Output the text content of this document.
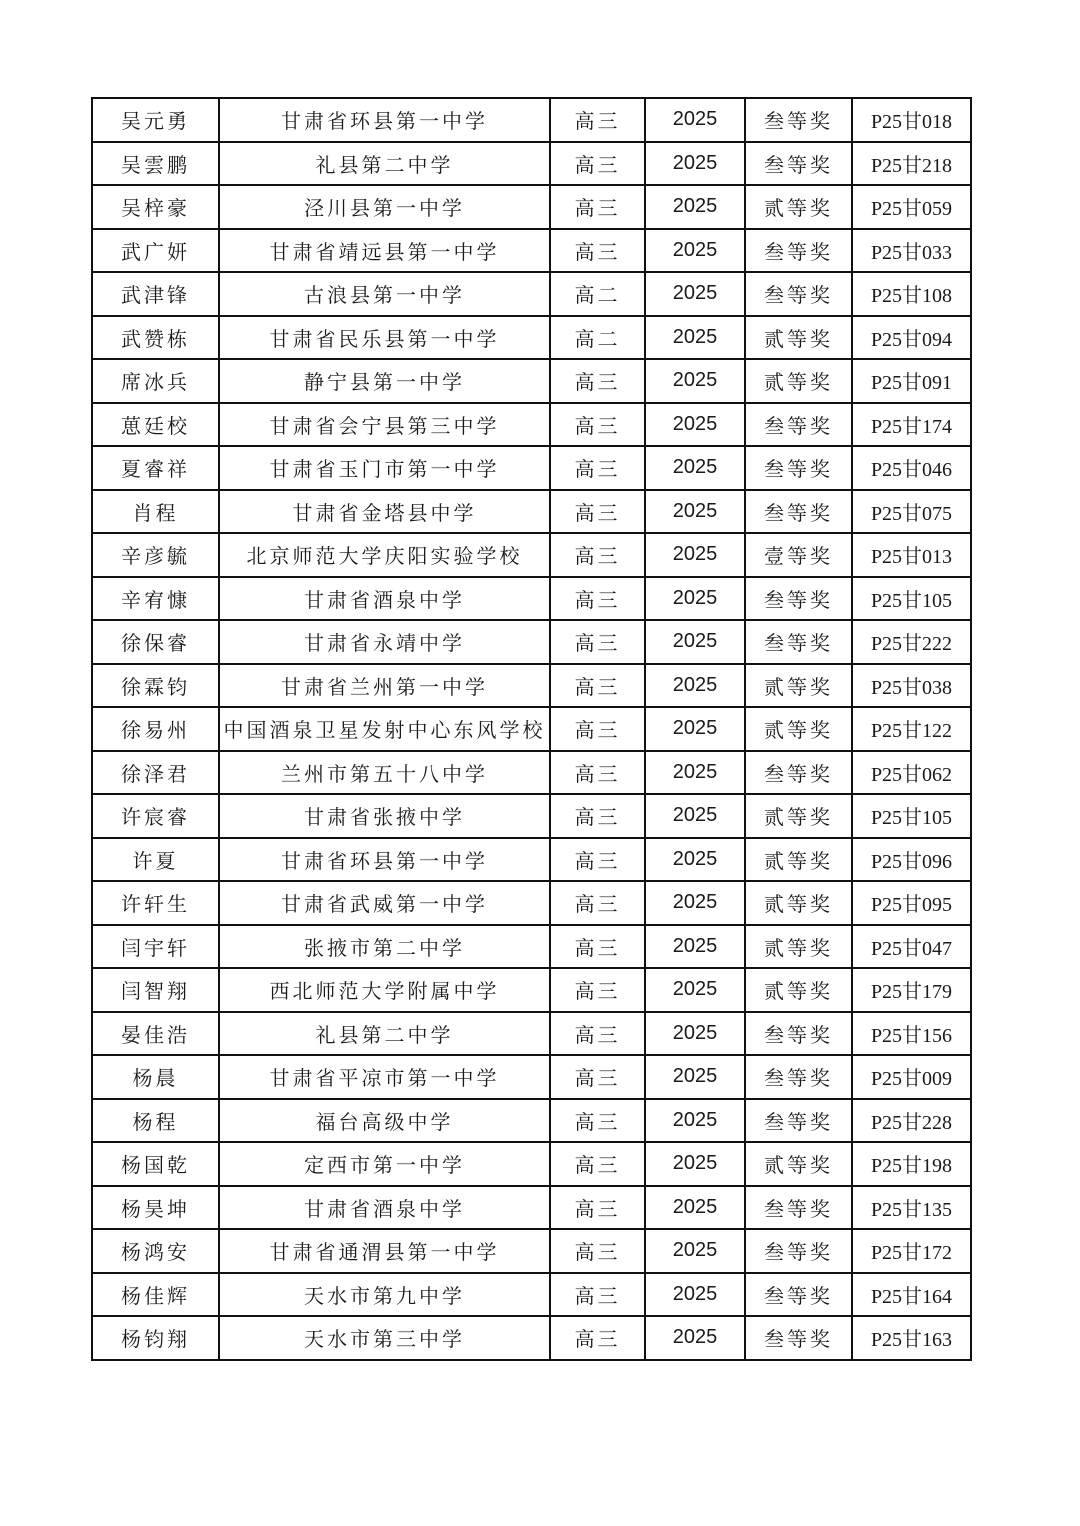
吴元勇	甘肃省环县第一中学	高三	2025	叁等奖	P25甘018
吴雲鹏	礼县第二中学	高三	2025	叁等奖	P25甘218
吴梓豪	泾川县第一中学	高三	2025	贰等奖	P25甘059
武广妍	甘肃省靖远县第一中学	高三	2025	叁等奖	P25甘033
武津锋	古浪县第一中学	高二	2025	叁等奖	P25甘108
武赞栋	甘肃省民乐县第一中学	高二	2025	贰等奖	P25甘094
席冰兵	静宁县第一中学	高三	2025	贰等奖	P25甘091
葸廷校	甘肃省会宁县第三中学	高三	2025	叁等奖	P25甘174
夏睿祥	甘肃省玉门市第一中学	高三	2025	叁等奖	P25甘046
肖程	甘肃省金塔县中学	高三	2025	叁等奖	P25甘075
辛彦毓	北京师范大学庆阳实验学校	高三	2025	壹等奖	P25甘013
辛宥慷	甘肃省酒泉中学	高三	2025	叁等奖	P25甘105
徐保睿	甘肃省永靖中学	高三	2025	叁等奖	P25甘222
徐霖钧	甘肃省兰州第一中学	高三	2025	贰等奖	P25甘038
徐易州	中国酒泉卫星发射中心东风学校	高三	2025	贰等奖	P25甘122
徐泽君	兰州市第五十八中学	高三	2025	叁等奖	P25甘062
许宸睿	甘肃省张掖中学	高三	2025	贰等奖	P25甘105
许夏	甘肃省环县第一中学	高三	2025	贰等奖	P25甘096
许轩生	甘肃省武威第一中学	高三	2025	贰等奖	P25甘095
闫宇轩	张掖市第二中学	高三	2025	贰等奖	P25甘047
闫智翔	西北师范大学附属中学	高三	2025	贰等奖	P25甘179
晏佳浩	礼县第二中学	高三	2025	叁等奖	P25甘156
杨晨	甘肃省平凉市第一中学	高三	2025	叁等奖	P25甘009
杨程	福台高级中学	高三	2025	叁等奖	P25甘228
杨国乾	定西市第一中学	高三	2025	贰等奖	P25甘198
杨昊坤	甘肃省酒泉中学	高三	2025	叁等奖	P25甘135
杨鸿安	甘肃省通渭县第一中学	高三	2025	叁等奖	P25甘172
杨佳辉	天水市第九中学	高三	2025	叁等奖	P25甘164
杨钧翔	天水市第三中学	高三	2025	叁等奖	P25甘163
